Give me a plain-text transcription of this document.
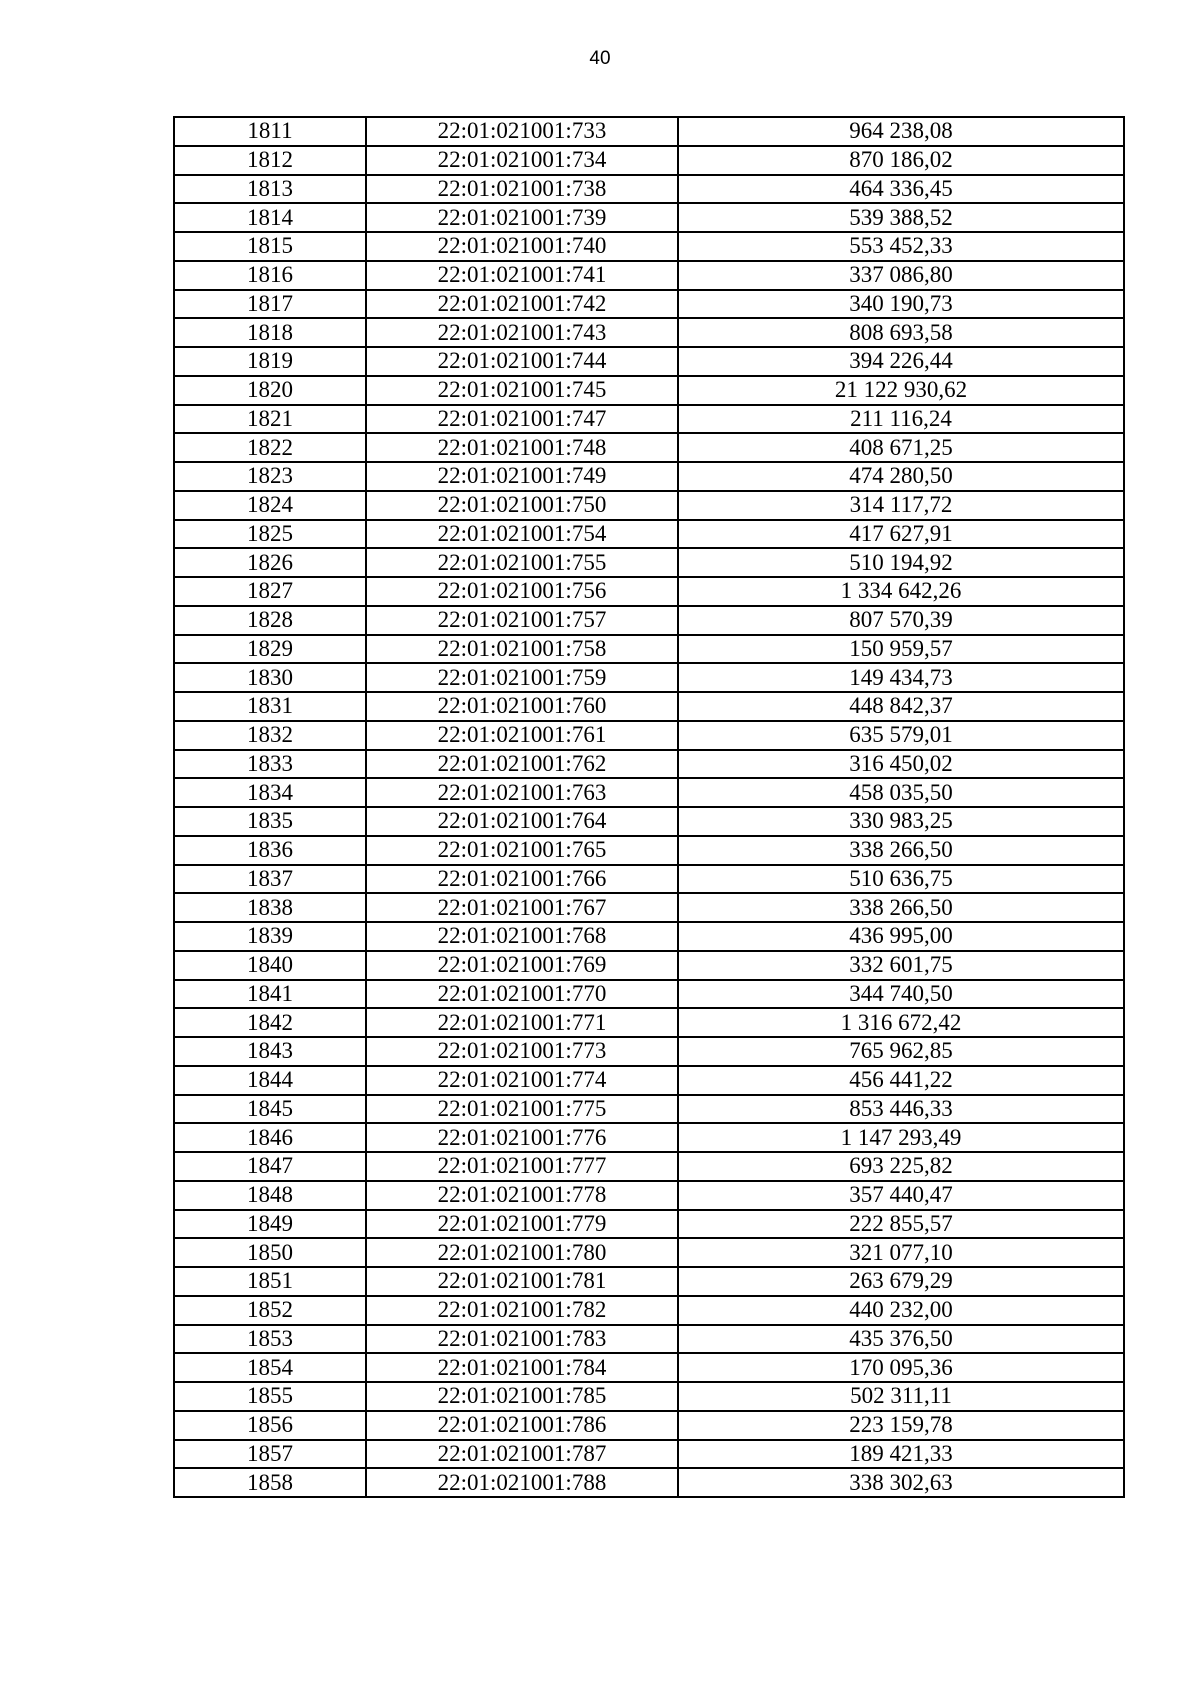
40
1811	22:01:021001:733	964 238,08
1812	22:01:021001:734	870 186,02
1813	22:01:021001:738	464 336,45
1814	22:01:021001:739	539 388,52
1815	22:01:021001:740	553 452,33
1816	22:01:021001:741	337 086,80
1817	22:01:021001:742	340 190,73
1818	22:01:021001:743	808 693,58
1819	22:01:021001:744	394 226,44
1820	22:01:021001:745	21 122 930,62
1821	22:01:021001:747	211 116,24
1822	22:01:021001:748	408 671,25
1823	22:01:021001:749	474 280,50
1824	22:01:021001:750	314 117,72
1825	22:01:021001:754	417 627,91
1826	22:01:021001:755	510 194,92
1827	22:01:021001:756	1 334 642,26
1828	22:01:021001:757	807 570,39
1829	22:01:021001:758	150 959,57
1830	22:01:021001:759	149 434,73
1831	22:01:021001:760	448 842,37
1832	22:01:021001:761	635 579,01
1833	22:01:021001:762	316 450,02
1834	22:01:021001:763	458 035,50
1835	22:01:021001:764	330 983,25
1836	22:01:021001:765	338 266,50
1837	22:01:021001:766	510 636,75
1838	22:01:021001:767	338 266,50
1839	22:01:021001:768	436 995,00
1840	22:01:021001:769	332 601,75
1841	22:01:021001:770	344 740,50
1842	22:01:021001:771	1 316 672,42
1843	22:01:021001:773	765 962,85
1844	22:01:021001:774	456 441,22
1845	22:01:021001:775	853 446,33
1846	22:01:021001:776	1 147 293,49
1847	22:01:021001:777	693 225,82
1848	22:01:021001:778	357 440,47
1849	22:01:021001:779	222 855,57
1850	22:01:021001:780	321 077,10
1851	22:01:021001:781	263 679,29
1852	22:01:021001:782	440 232,00
1853	22:01:021001:783	435 376,50
1854	22:01:021001:784	170 095,36
1855	22:01:021001:785	502 311,11
1856	22:01:021001:786	223 159,78
1857	22:01:021001:787	189 421,33
1858	22:01:021001:788	338 302,63
